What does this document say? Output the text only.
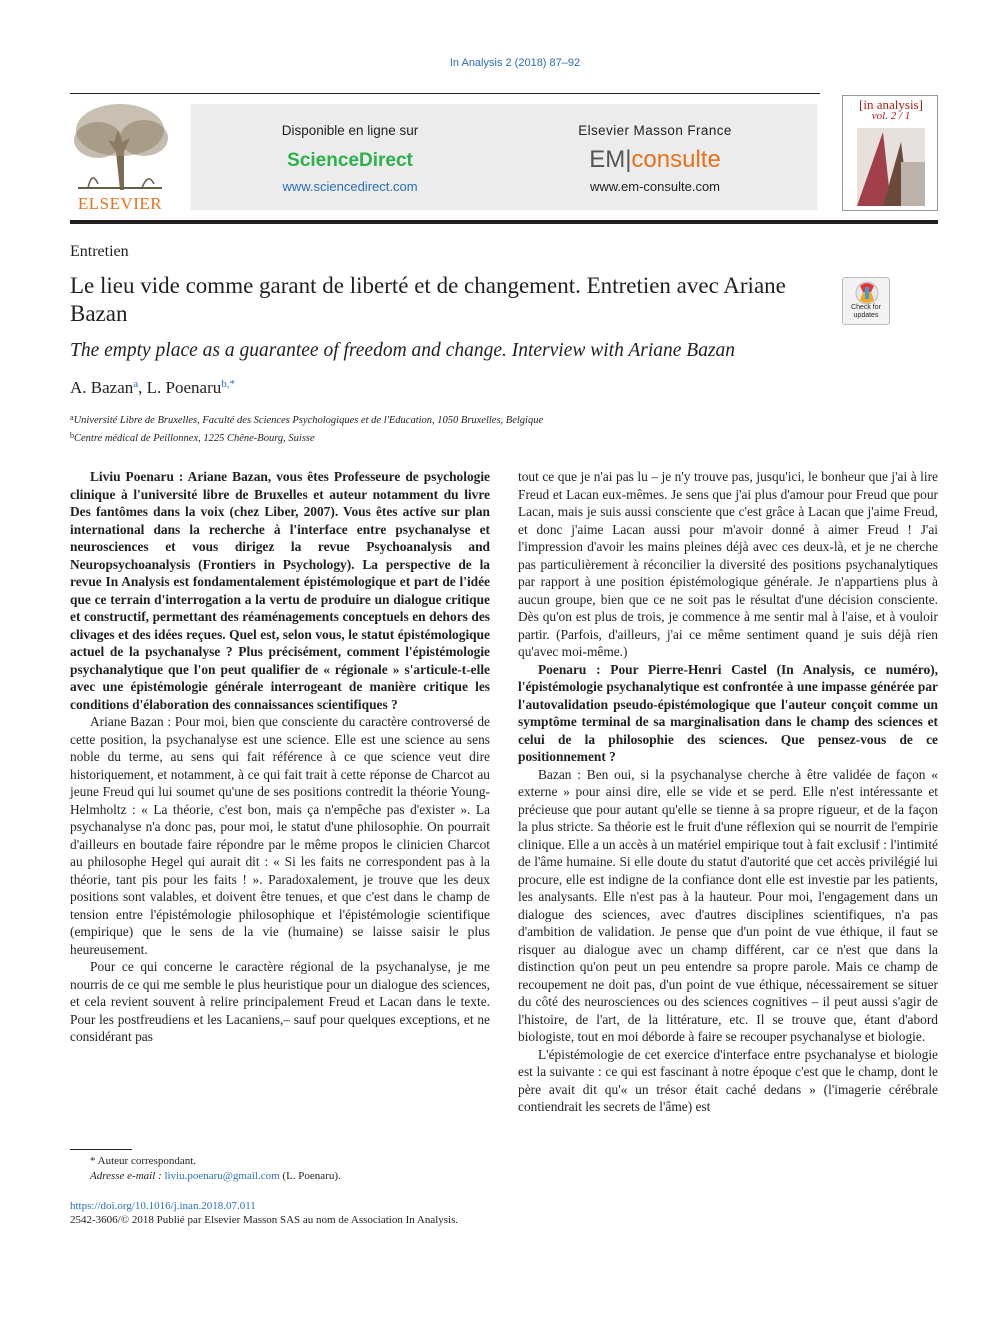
In Analysis 2 (2018) 87–92
ELSEVIER
Disponible en ligne sur
ScienceDirect
www.sciencedirect.com
Elsevier Masson France
EM|consulte
www.em-consulte.com
[in analysis]
vol. 2 / 1
Entretien
Le lieu vide comme garant de liberté et de changement. Entretien avec Ariane Bazan	Check for updates
The empty place as a guarantee of freedom and change. Interview with Ariane Bazan
A. Bazan$^a$, L. Poenaru$^{b,*}$
$^a$Université Libre de Bruxelles, Faculté des Sciences Psychologiques et de l'Education, 1050 Bruxelles, Belgique
$^b$Centre médical de Peillonnex, 1225 Chêne-Bourg, Suisse

Liviu Poenaru : Ariane Bazan, vous êtes Professeure de psychologie clinique à l'université libre de Bruxelles et auteur notamment du livre Des fantômes dans la voix (chez Liber, 2007). Vous êtes active sur plan international dans la recherche à l'interface entre psychanalyse et neurosciences et vous dirigez la revue Psychoanalysis and Neuropsychoanalysis (Frontiers in Psychology). La perspective de la revue In Analysis est fondamentalement épistémologique et part de l'idée que ce terrain d'interrogation a la vertu de produire un dialogue critique et constructif, permettant des réaménagements conceptuels en dehors des clivages et des idées reçues. Quel est, selon vous, le statut épistémologique actuel de la psychanalyse ? Plus précisément, comment l'épistémologie psychanalytique que l'on peut qualifier de « régionale » s'articule-t-elle avec une épistémologie générale interrogeant de manière critique les conditions d'élaboration des connaissances scientifiques ?

Ariane Bazan : Pour moi, bien que consciente du caractère controversé de cette position, la psychanalyse est une science. Elle est une science au sens noble du terme, au sens qui fait référence à ce que science veut dire historiquement, et notamment, à ce qui fait trait à cette réponse de Charcot au jeune Freud qui lui soumet qu'une de ses positions contredit la théorie Young-Helmholtz : « La théorie, c'est bon, mais ça n'empêche pas d'exister ». La psychanalyse n'a donc pas, pour moi, le statut d'une philosophie. On pourrait d'ailleurs en boutade faire répondre par le même propos le clinicien Charcot au philosophe Hegel qui aurait dit : « Si les faits ne correspondent pas à la théorie, tant pis pour les faits ! ». Paradoxalement, je trouve que les deux positions sont valables, et doivent être tenues, et que c'est dans le champ de tension entre l'épistémologie philosophique et l'épistémologie scientifique (empirique) que le sens de la vie (humaine) se laisse saisir le plus heureusement.

Pour ce qui concerne le caractère régional de la psychanalyse, je me nourris de ce qui me semble le plus heuristique pour un dialogue des sciences, et cela revient souvent à relire principalement Freud et Lacan dans le texte. Pour les postfreudiens et les Lacaniens,– sauf pour quelques exceptions, et ne considérant pas

tout ce que je n'ai pas lu – je n'y trouve pas, jusqu'ici, le bonheur que j'ai à lire Freud et Lacan eux-mêmes. Je sens que j'ai plus d'amour pour Freud que pour Lacan, mais je suis aussi consciente que c'est grâce à Lacan que j'aime Freud, et donc j'aime Lacan aussi pour m'avoir donné à aimer Freud ! J'ai l'impression d'avoir les mains pleines déjà avec ces deux-là, et je ne cherche pas particulièrement à réconcilier la diversité des positions psychanalytiques par rapport à une position épistémologique générale. Je n'appartiens plus à aucun groupe, bien que ce ne soit pas le résultat d'une décision consciente. Dès qu'on est plus de trois, je commence à me sentir mal à l'aise, et à vouloir partir. (Parfois, d'ailleurs, j'ai ce même sentiment quand je suis déjà rien qu'avec moi-même.)

Poenaru : Pour Pierre-Henri Castel (In Analysis, ce numéro), l'épistémologie psychanalytique est confrontée à une impasse générée par l'autovalidation pseudo-épistémologique que l'auteur conçoit comme un symptôme terminal de sa marginalisation dans le champ des sciences et celui de la philosophie des sciences. Que pensez-vous de ce positionnement ?

Bazan : Ben oui, si la psychanalyse cherche à être validée de façon « externe » pour ainsi dire, elle se vide et se perd. Elle n'est intéressante et précieuse que pour autant qu'elle se tienne à sa propre rigueur, et de la façon la plus stricte. Sa théorie est le fruit d'une réflexion qui se nourrit de l'empirie clinique. Elle a un accès à un matériel empirique tout à fait exclusif : l'intimité de l'âme humaine. Si elle doute du statut d'autorité que cet accès privilégié lui procure, elle est indigne de la confiance dont elle est investie par les patients, les analysants. Elle n'est pas à la hauteur. Pour moi, l'engagement dans un dialogue des sciences, avec d'autres disciplines scientifiques, n'a pas d'ambition de validation. Je pense que d'un point de vue éthique, il faut se risquer au dialogue avec un champ différent, car ce n'est que dans la distinction qu'on peut un peu entendre sa propre parole. Mais ce champ de recoupement ne doit pas, d'un point de vue éthique, nécessairement se situer du côté des neurosciences ou des sciences cognitives – il peut aussi s'agir de l'histoire, de l'art, de la littérature, etc. Il se trouve que, étant d'abord biologiste, tout en moi déborde à faire se recouper psychanalyse et biologie.

L'épistémologie de cet exercice d'interface entre psychanalyse et biologie est la suivante : ce qui est fascinant à notre époque c'est que le champ, dont le père avait dit qu'« un trésor était caché dedans » (l'imagerie cérébrale contiendrait les secrets de l'âme) est

* Auteur correspondant.
Adresse e-mail : liviu.poenaru@gmail.com (L. Poenaru).
https://doi.org/10.1016/j.inan.2018.07.011
2542-3606/© 2018 Publié par Elsevier Masson SAS au nom de Association In Analysis.
